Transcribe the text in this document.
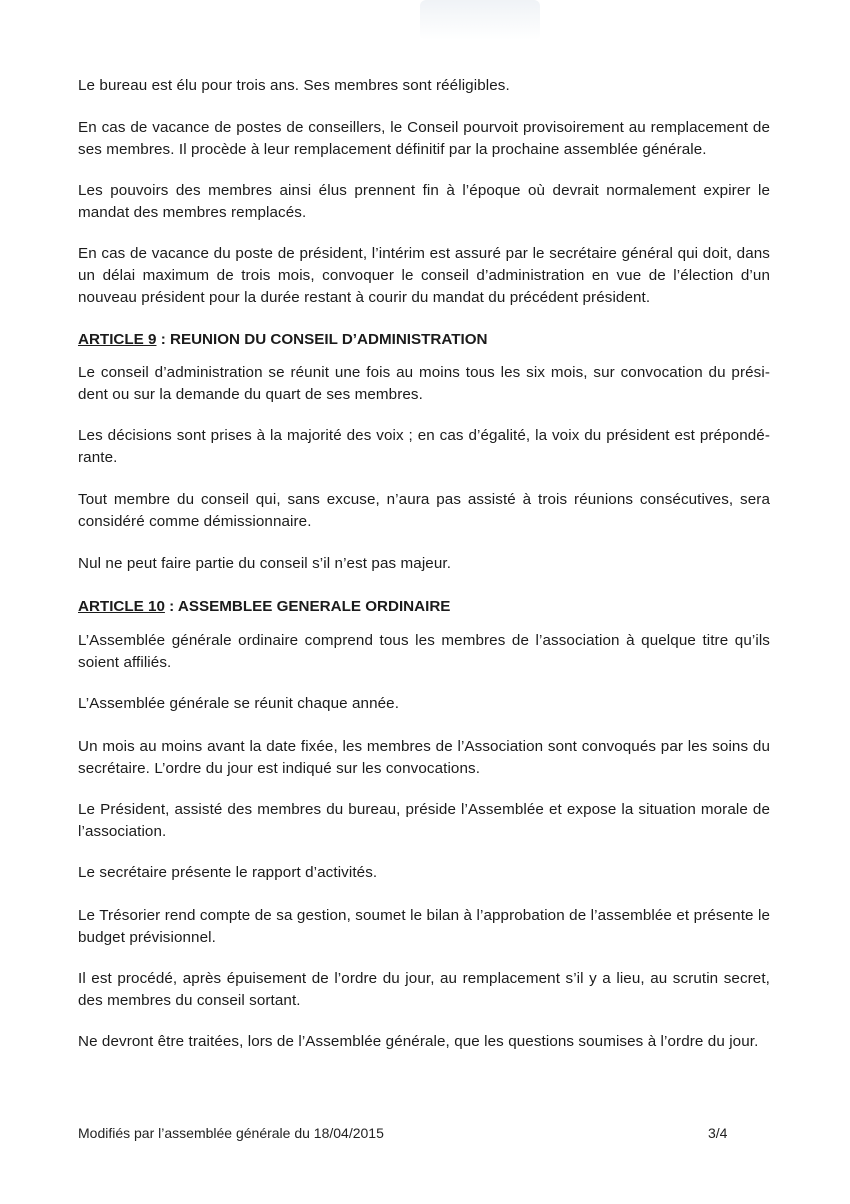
Le bureau est élu pour trois ans. Ses membres sont rééligibles.

En cas de vacance de postes de conseillers, le Conseil pourvoit provisoirement au remplacement de ses membres. Il procède à leur remplacement définitif par la prochaine assemblée générale.

Les pouvoirs des membres ainsi élus prennent fin à l’époque où devrait normalement expirer le mandat des membres remplacés.

En cas de vacance du poste de président, l’intérim est assuré par le secrétaire général qui doit, dans un délai maximum de trois mois, convoquer le conseil d’administration en vue de l’élection d’un nouveau président pour la durée restant à courir du mandat du précédent président.

ARTICLE 9 : REUNION DU CONSEIL D’ADMINISTRATION

Le conseil d’administration se réunit une fois au moins tous les six mois, sur convocation du prési-dent ou sur la demande du quart de ses membres.

Les décisions sont prises à la majorité des voix ; en cas d’égalité, la voix du président est prépondé-rante.

Tout membre du conseil qui, sans excuse, n’aura pas assisté à trois réunions consécutives, sera considéré comme démissionnaire.

Nul ne peut faire partie du conseil s’il n’est pas majeur.

ARTICLE 10 : ASSEMBLEE GENERALE ORDINAIRE

L’Assemblée générale ordinaire comprend tous les membres de l’association à quelque titre qu’ils soient affiliés.

L’Assemblée générale se réunit chaque année.

Un mois au moins avant la date fixée, les membres de l’Association sont convoqués par les soins du secrétaire. L’ordre du jour est indiqué sur les convocations.

Le Président, assisté des membres du bureau, préside l’Assemblée et expose la situation morale de l’association.

Le secrétaire présente le rapport d’activités.

Le Trésorier rend compte de sa gestion, soumet le bilan à l’approbation de l’assemblée et présente le budget prévisionnel.

Il est procédé, après épuisement de l’ordre du jour, au remplacement s’il y a lieu, au scrutin secret, des membres du conseil sortant.

Ne devront être traitées, lors de l’Assemblée générale, que les questions soumises à l’ordre du jour.

Modifiés par l’assemblée générale du 18/04/2015	3/4
